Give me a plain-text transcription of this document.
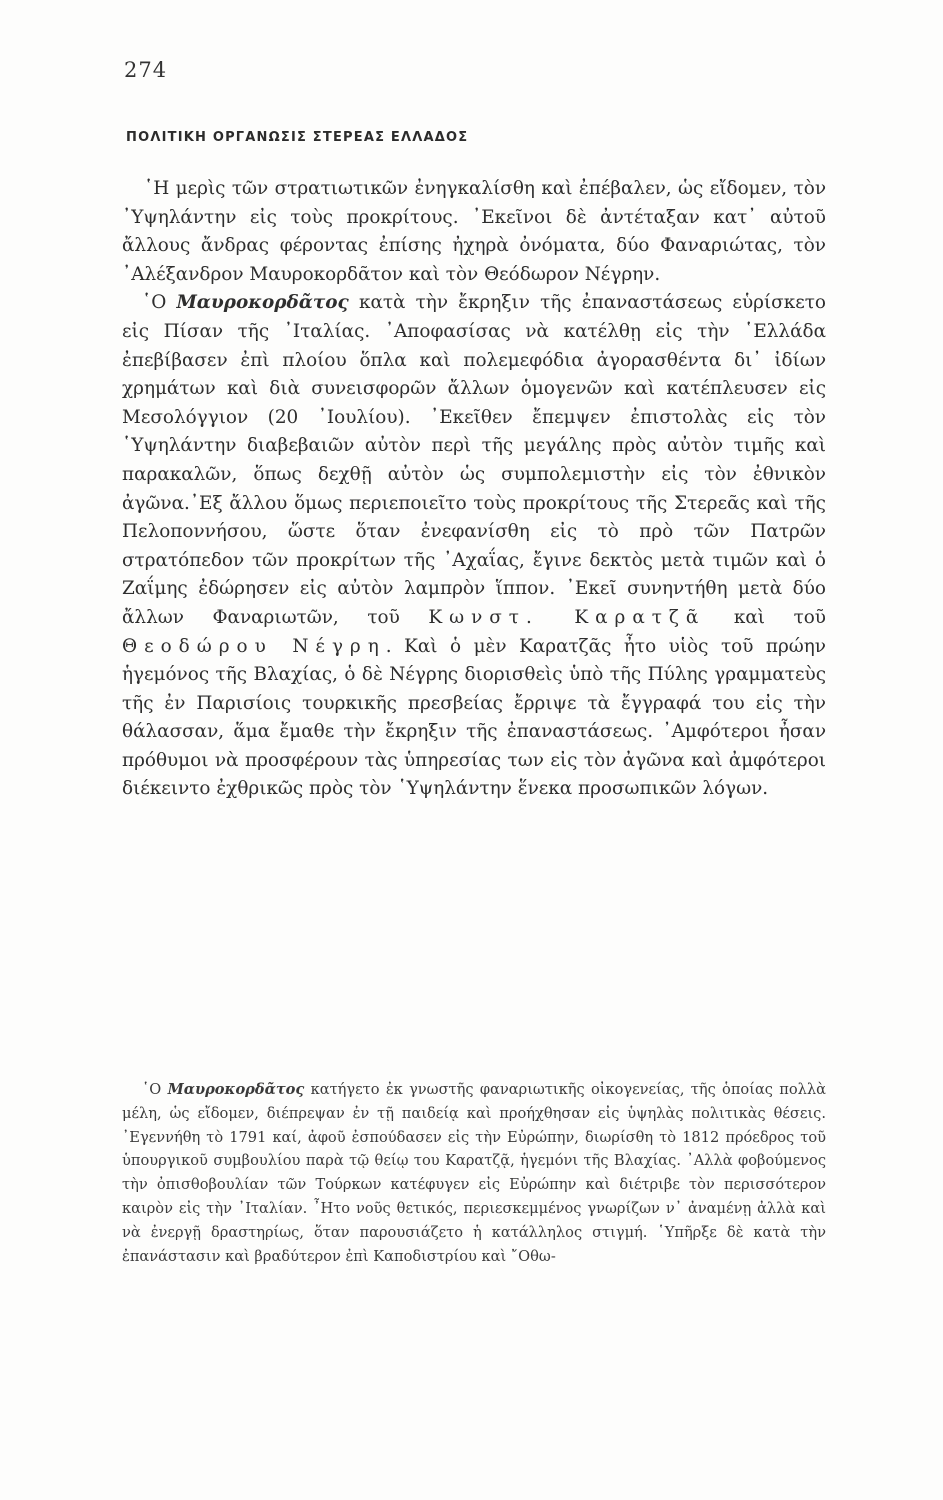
274
ΠΟΛΙΤΙΚΗ ΟΡΓΑΝΩΣΙΣ ΣΤΕΡΕΑΣ ΕΛΛΑΔΟΣ

῾Η μερὶς τῶν στρατιωτικῶν ἐνηγκαλίσθη καὶ ἐπέβαλεν, ὡς εἴδομεν, τὸν ᾽Υψηλάντην εἰς τοὺς προκρίτους. ᾽Εκεῖνοι δὲ ἀντέταξαν κατ᾽ αὐτοῦ ἄλλους ἄνδρας φέροντας ἐπίσης ἠχηρὰ ὀνόματα, δύο Φαναριώτας, τὸν ᾽Αλέξανδρον Μαυροκορδᾶτον καὶ τὸν Θεόδωρον Νέγρην.

῾Ο Μαυροκορδᾶτος κατὰ τὴν ἔκρηξιν τῆς ἐπαναστάσεως εὑρίσκετο εἰς Πίσαν τῆς ᾽Ιταλίας. ᾽Αποφασίσας νὰ κατέλθῃ εἰς τὴν ῾Ελλάδα ἐπεβίβασεν ἐπὶ πλοίου ὅπλα καὶ πολεμεφόδια ἀγορασθέντα δι᾽ ἰδίων χρημάτων καὶ διὰ συνεισφορῶν ἄλλων ὁμογενῶν καὶ κατέπλευσεν εἰς Μεσολόγγιον (20 ᾽Ιουλίου). ᾽Εκεῖθεν ἔπεμψεν ἐπιστολὰς εἰς τὸν ῾Υψηλάντην διαβεβαιῶν αὐτὸν περὶ τῆς μεγάλης πρὸς αὐτὸν τιμῆς καὶ παρακαλῶν, ὅπως δεχθῇ αὐτὸν ὡς συμπολεμιστὴν εἰς τὸν ἐθνικὸν ἀγῶνα.᾽Εξ ἄλλου ὅμως περιεποιεῖτο τοὺς προκρίτους τῆς Στερεᾶς καὶ τῆς Πελοποννήσου, ὥστε ὅταν ἐνεφανίσθη εἰς τὸ πρὸ τῶν Πατρῶν στρατόπεδον τῶν προκρίτων τῆς ᾽Αχαΐας, ἔγινε δεκτὸς μετὰ τιμῶν καὶ ὁ Ζαΐμης ἐδώρησεν εἰς αὐτὸν λαμπρὸν ἵππον. ᾽Εκεῖ συνηντήθη μετὰ δύο ἄλλων Φαναριωτῶν, τοῦ Κωνστ. Καρατζᾶ καὶ τοῦ Θεοδώρου Νέγρη. Καὶ ὁ μὲν Καρατζᾶς ἦτο υἱὸς τοῦ πρώην ἡγεμόνος τῆς Βλαχίας, ὁ δὲ Νέγρης διορισθεὶς ὑπὸ τῆς Πύλης γραμματεὺς τῆς ἐν Παρισίοις τουρκικῆς πρεσβείας ἔρριψε τὰ ἔγγραφά του εἰς τὴν θάλασσαν, ἅμα ἔμαθε τὴν ἔκρηξιν τῆς ἐπαναστάσεως. ᾽Αμφότεροι ἦσαν πρόθυμοι νὰ προσφέρουν τὰς ὑπηρεσίας των εἰς τὸν ἀγῶνα καὶ ἀμφότεροι διέκειντο ἐχθρικῶς πρὸς τὸν ῾Υψηλάντην ἕνεκα προσωπικῶν λόγων.

῾Ο Μαυροκορδᾶτος κατήγετο ἐκ γνωστῆς φαναριωτικῆς οἰκογενείας, τῆς ὁποίας πολλὰ μέλη, ὡς εἴδομεν, διέπρεψαν ἐν τῇ παιδείᾳ καὶ προήχθησαν εἰς ὑψηλὰς πολιτικὰς θέσεις. ᾽Εγεννήθη τὸ 1791 καί, ἀφοῦ ἐσπούδασεν εἰς τὴν Εὐρώπην, διωρίσθη τὸ 1812 πρόεδρος τοῦ ὑπουργικοῦ συμβουλίου παρὰ τῷ θείῳ του Καρατζᾷ, ἡγεμόνι τῆς Βλαχίας. ᾽Αλλὰ φοβούμενος τὴν ὀπισθοβουλίαν τῶν Τούρκων κατέφυγεν εἰς Εὐρώπην καὶ διέτριβε τὸν περισσότερον καιρὸν εἰς τὴν ᾽Ιταλίαν. ῏Ητο νοῦς θετικός, περιεσκεμμένος γνωρίζων ν᾽ ἀναμένῃ ἀλλὰ καὶ νὰ ἐνεργῇ δραστηρίως, ὅταν παρουσιάζετο ἡ κατάλληλος στιγμή. ῾Υπῆρξε δὲ κατὰ τὴν ἐπανάστασιν καὶ βραδύτερον ἐπὶ Καποδιστρίου καὶ ῎Οθω-
